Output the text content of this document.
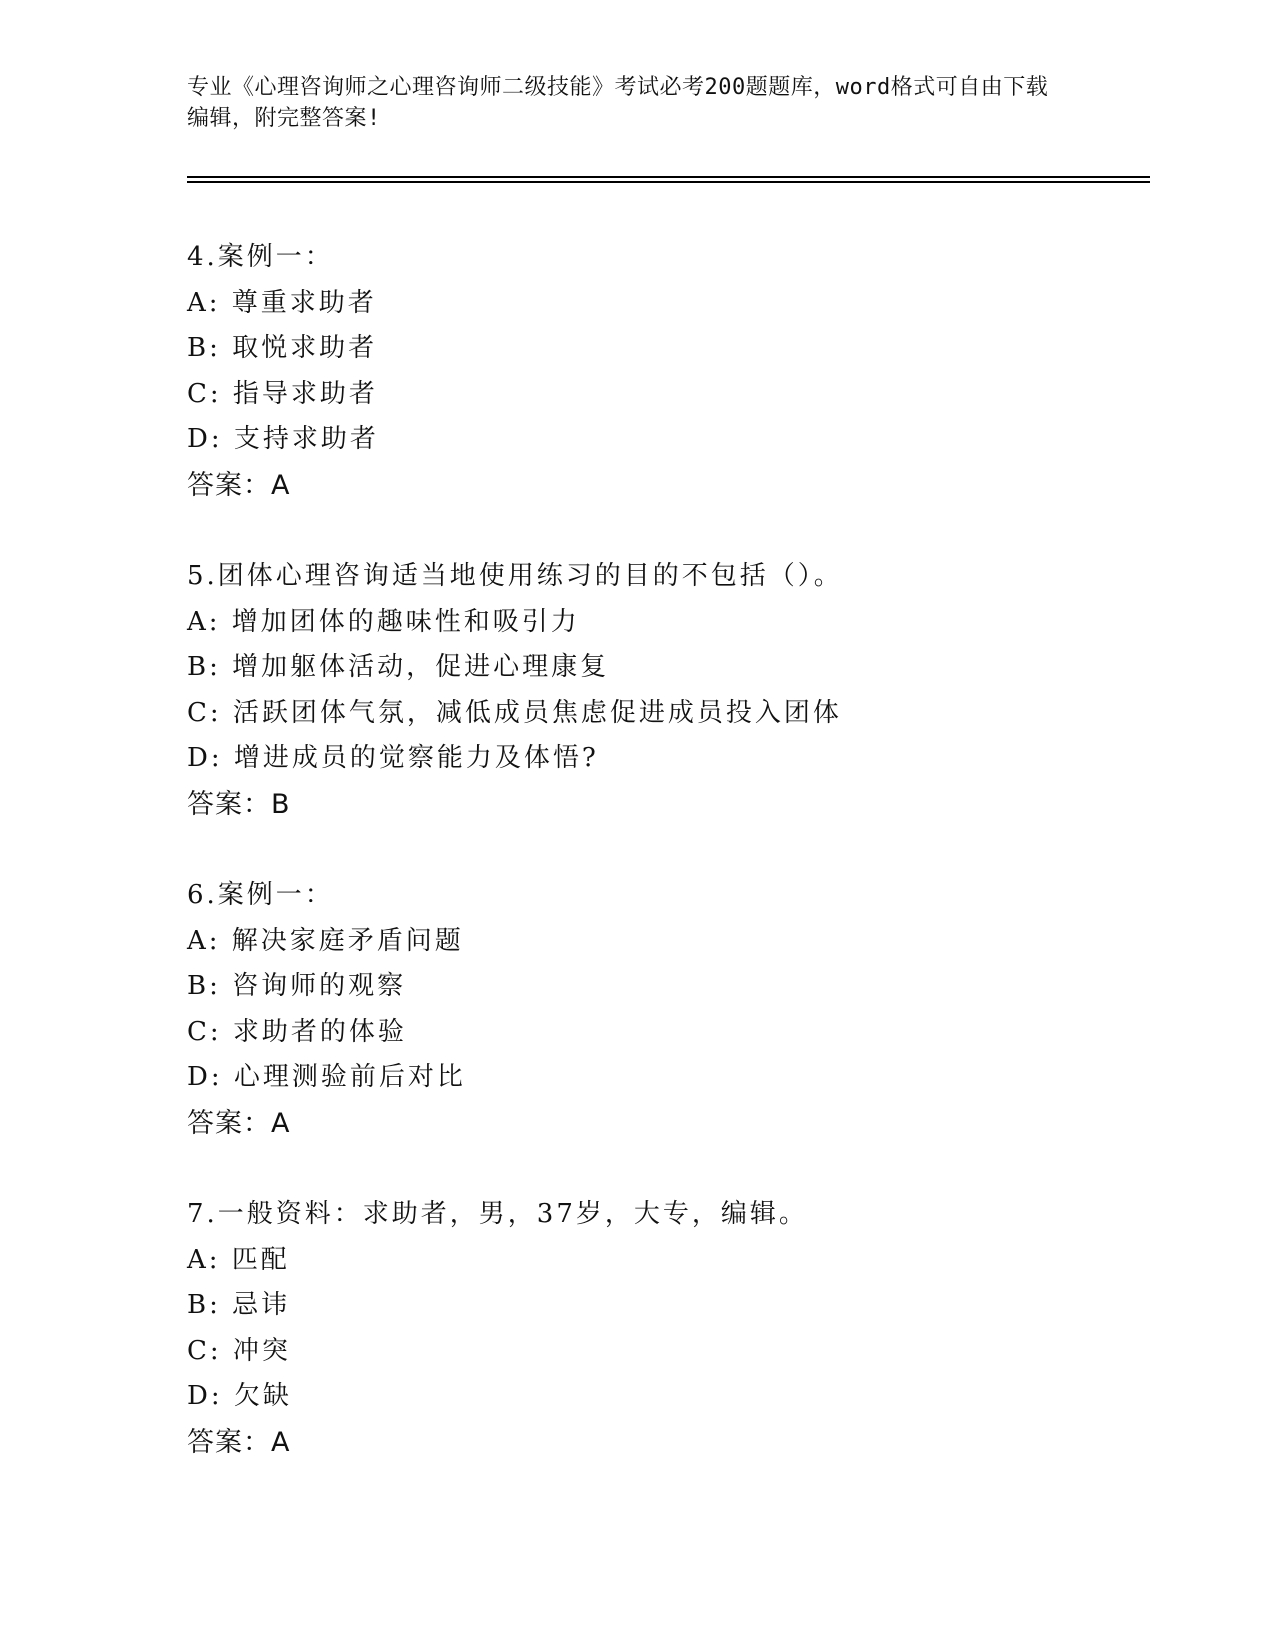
专业《心理咨询师之心理咨询师二级技能》考试必考200题题库，word格式可自由下载编辑，附完整答案!
4.案例一：
A: 尊重求助者
B: 取悦求助者
C: 指导求助者
D: 支持求助者
答案：A
5.团体心理咨询适当地使用练习的目的不包括（）。
A: 增加团体的趣味性和吸引力
B: 增加躯体活动，促进心理康复
C: 活跃团体气氛，减低成员焦虑促进成员投入团体
D: 增进成员的觉察能力及体悟?
答案：B
6.案例一：
A: 解决家庭矛盾问题
B: 咨询师的观察
C: 求助者的体验
D: 心理测验前后对比
答案：A
7.一般资料：求助者，男，37岁，大专，编辑。
A: 匹配
B: 忌讳
C: 冲突
D: 欠缺
答案：A
